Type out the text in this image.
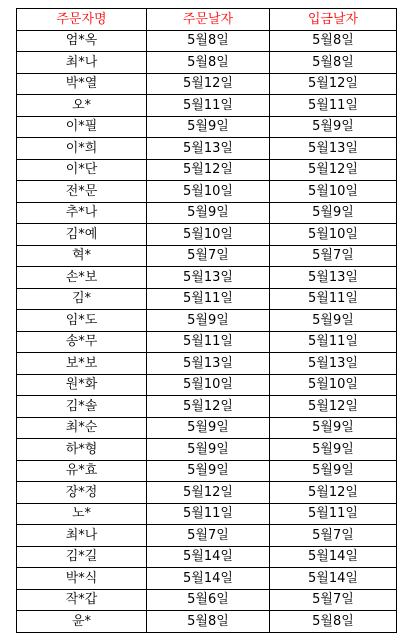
주문자명	주문날자	입금날자
엄*옥	5월8일	5월8일
최*나	5월8일	5월8일
박*열	5월12일	5월12일
오*	5월11일	5월11일
이*필	5월9일	5월9일
이*희	5월13일	5월13일
이*단	5월12일	5월12일
전*문	5월10일	5월10일
추*나	5월9일	5월9일
김*예	5월10일	5월10일
혁*	5월7일	5월7일
손*보	5월13일	5월13일
김*	5월11일	5월11일
임*도	5월9일	5월9일
송*무	5월11일	5월11일
보*보	5월13일	5월13일
원*화	5월10일	5월10일
김*솔	5월12일	5월12일
최*순	5월9일	5월9일
하*형	5월9일	5월9일
유*효	5월9일	5월9일
장*정	5월12일	5월12일
노*	5월11일	5월11일
최*나	5월7일	5월7일
김*길	5월14일	5월14일
박*식	5월14일	5월14일
작*갑	5월6일	5월7일
윤*	5월8일	5월8일
